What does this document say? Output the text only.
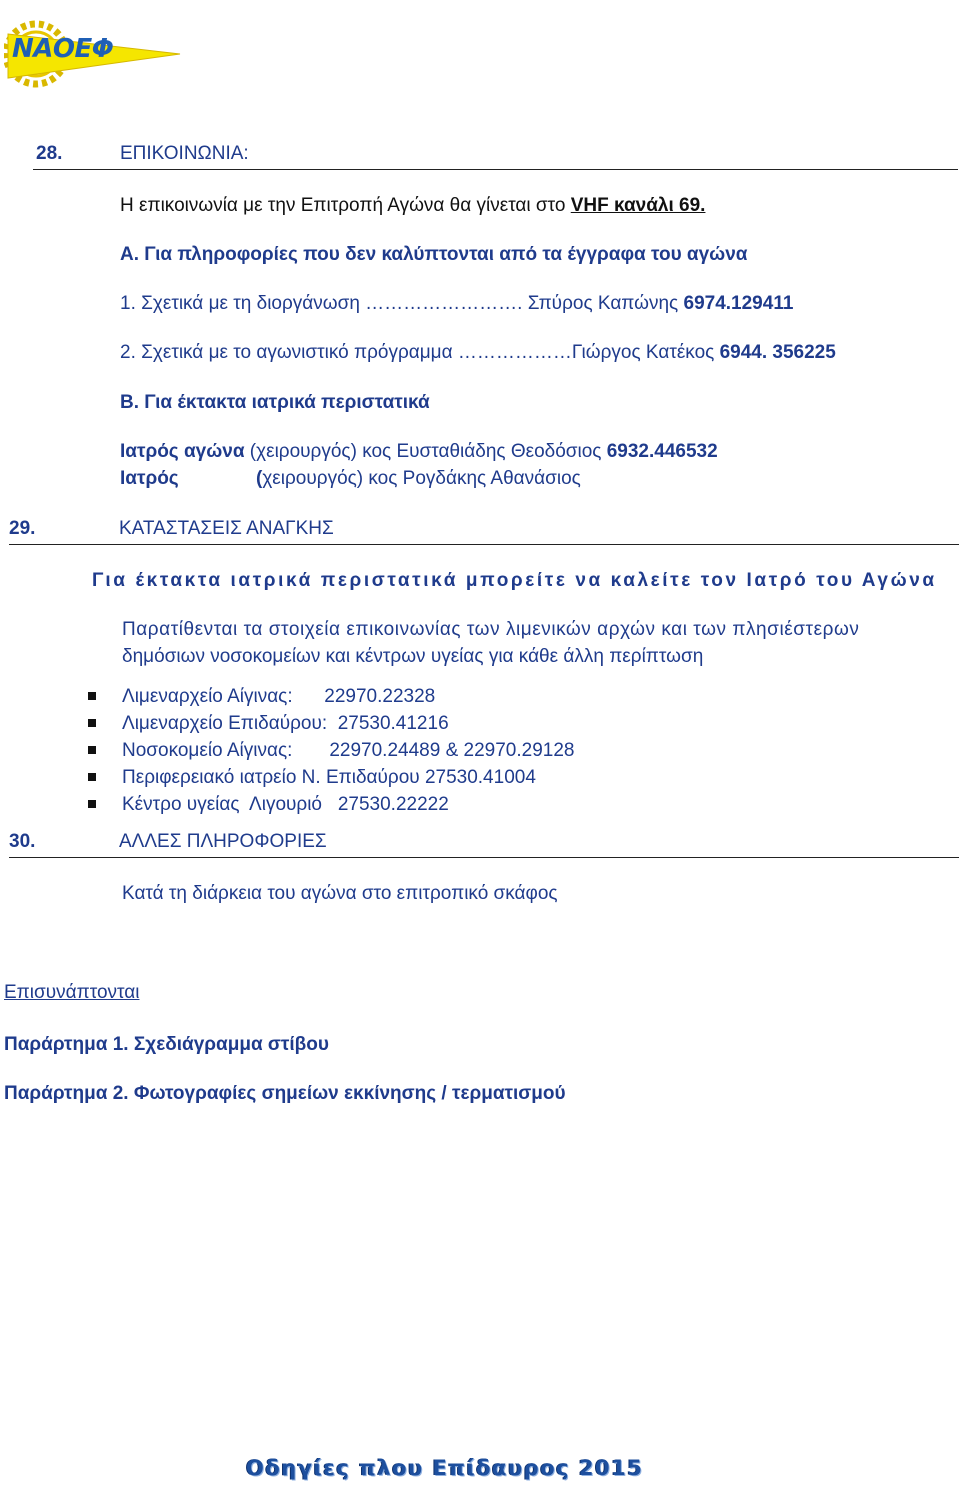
ΝΑΟΕΦ
28.	ΕΠΙΚΟΙΝΩΝΙΑ:
Η επικοινωνία με την Επιτροπή Αγώνα θα γίνεται στο VHF κανάλι 69.
Α. Για πληροφορίες που δεν καλύπτονται από τα έγγραφα του αγώνα
1. Σχετικά με τη διοργάνωση ……………………. Σπύρος Καπώνης 6974.129411
2. Σχετικά με το αγωνιστικό πρόγραμμα ………………Γιώργος Κατέκος 6944. 356225
Β. Για έκτακτα ιατρικά περιστατικά
Ιατρός αγώνα (χειρουργός) κος Ευσταθιάδης Θεοδόσιος 6932.446532
Ιατρός	(χειρουργός) κος Ρογδάκης Αθανάσιος
29.	ΚΑΤΑΣΤΑΣΕΙΣ ΑΝΑΓΚΗΣ
Για έκτακτα ιατρικά περιστατικά μπορείτε να καλείτε τον Ιατρό του Αγώνα
Παρατίθενται τα στοιχεία επικοινωνίας των λιμενικών αρχών και των πλησιέστερων
δημόσιων νοσοκομείων και κέντρων υγείας για κάθε άλλη περίπτωση
Λιμεναρχείο Αίγινας:      22970.22328
Λιμεναρχείο Επιδαύρου:  27530.41216
Νοσοκομείο Αίγινας:       22970.24489 & 22970.29128
Περιφερειακό ιατρείο Ν. Επιδαύρου 27530.41004
Κέντρο υγείας  Λιγουριό   27530.22222
30.	ΑΛΛΕΣ ΠΛΗΡΟΦΟΡΙΕΣ
Κατά τη διάρκεια του αγώνα στο επιτροπικό σκάφος
Επισυνάπτονται
Παράρτημα 1. Σχεδιάγραμμα στίβου
Παράρτημα 2. Φωτογραφίες σημείων εκκίνησης / τερματισμού
Οδηγίες πλου Επίδαυρος 2015
